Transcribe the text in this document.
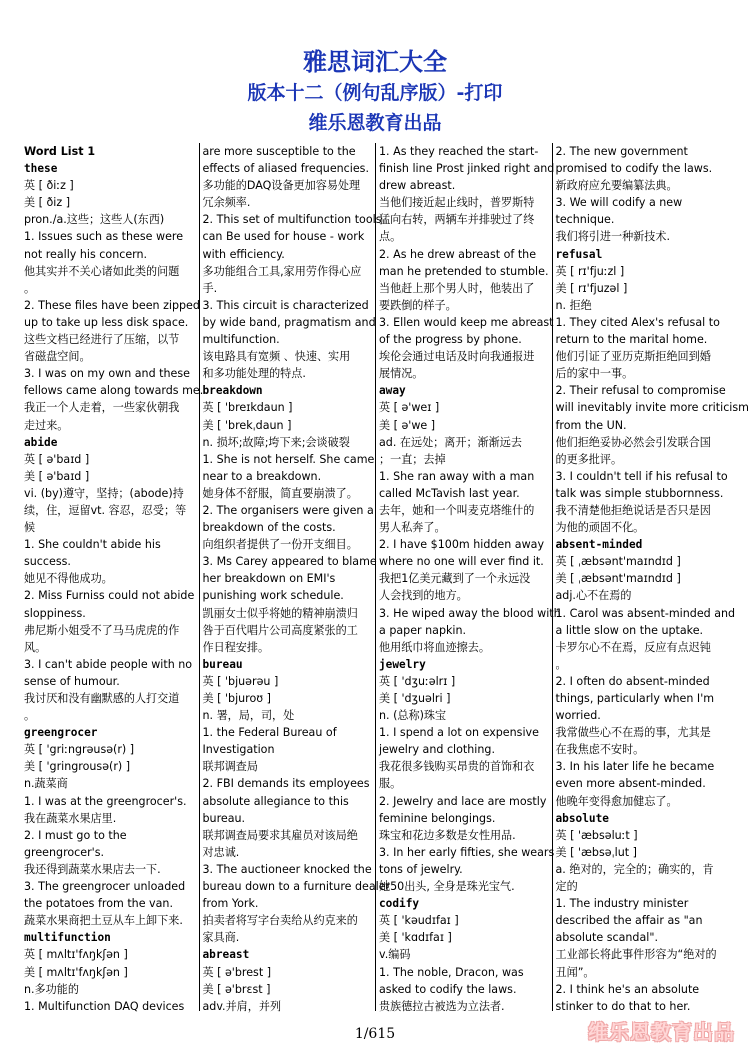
雅思词汇大全
版本十二（例句乱序版）-打印
维乐恩教育出品
Word List 1
these
英 [ ðiːz ]
美 [ ðiz ]
pron./a.这些；这些人(东西)
1. Issues such as these were
not really his concern.
他其实并不关心诸如此类的问题
。
2. These files have been zipped
up to take up less disk space.
这些文档已经进行了压缩，以节
省磁盘空间。
3. I was on my own and these
fellows came along towards me.
我正一个人走着，一些家伙朝我
走过来。
abide
英 [ ə'baɪd ]
美 [ ə'baɪd ]
vi. (by)遵守，坚持；(abode)持
续，住，逗留vt. 容忍，忍受；等
候
1. She couldn't abide his
success.
她见不得他成功。
2. Miss Furniss could not abide
sloppiness.
弗尼斯小姐受不了马马虎虎的作
风。
3. I can't abide people with no
sense of humour.
我讨厌和没有幽默感的人打交道
。
greengrocer
英 [ 'griːngrəusə(r) ]
美 [ 'gringrousə(r) ]
n.蔬菜商
1. I was at the greengrocer's.
我在蔬菜水果店里.
2. I must go to the
greengrocer's.
我还得到蔬菜水果店去一下.
3. The greengrocer unloaded
the potatoes from the van.
蔬菜水果商把土豆从车上卸下来.
multifunction
英 [ mʌltɪ'fʌŋkʃən ]
美 [ mʌltɪ'fʌŋkʃən ]
n.多功能的
1. Multifunction DAQ devices
are more susceptible to the
effects of aliased frequencies.
多功能的DAQ设备更加容易处理
冗余频率.
2. This set of multifunction tools
can Be used for house - work
with efficiency.
多功能组合工具,家用劳作得心应
手.
3. This circuit is characterized
by wide band, pragmatism and
multifunction.
该电路具有宽频 、快速、实用
和多功能处理的特点.
breakdown
英 [ 'breɪkdaun ]
美 [ 'brekˌdaun ]
n. 损坏;故障;垮下来;会谈破裂
1. She is not herself. She came
near to a breakdown.
她身体不舒服，简直要崩溃了。
2. The organisers were given a
breakdown of the costs.
向组织者提供了一份开支细目。
3. Ms Carey appeared to blame
her breakdown on EMI's
punishing work schedule.
凯丽女士似乎将她的精神崩溃归
咎于百代唱片公司高度紧张的工
作日程安排。
bureau
英 [ 'bjuərəu ]
美 [ 'bjuroʊ ]
n. 署，局，司，处
1. the Federal Bureau of
Investigation
联邦调查局
2. FBI demands its employees
absolute allegiance to this
bureau.
联邦调查局要求其雇员对该局绝
对忠诚.
3. The auctioneer knocked the
bureau down to a furniture dealer
from York.
拍卖者将写字台卖给从约克来的
家具商.
abreast
英 [ ə'brest ]
美 [ ə'brɛst ]
adv.并肩，并列
1. As they reached the start-
finish line Prost jinked right and
drew abreast.
当他们接近起止线时，普罗斯特
猛向右转，两辆车并排驶过了终
点。
2. As he drew abreast of the
man he pretended to stumble.
当他赶上那个男人时，他装出了
要跌倒的样子。
3. Ellen would keep me abreast
of the progress by phone.
埃伦会通过电话及时向我通报进
展情况。
away
英 [ ə'weɪ ]
美 [ ə'we ]
ad. 在远处；离开；渐渐远去
；一直；去掉
1. She ran away with a man
called McTavish last year.
去年，她和一个叫麦克塔维什的
男人私奔了。
2. I have $100m hidden away
where no one will ever find it.
我把1亿美元藏到了一个永远没
人会找到的地方。
3. He wiped away the blood with
a paper napkin.
他用纸巾将血迹擦去。
jewelry
英 [ 'dʒuːəlrɪ ]
美 [ 'dʒuəlri ]
n. (总称)珠宝
1. I spend a lot on expensive
jewelry and clothing.
我花很多钱购买昂贵的首饰和衣
服。
2. Jewelry and lace are mostly
feminine belongings.
珠宝和花边多数是女性用品.
3. In her early fifties, she wears
tons of jewelry.
她50出头, 全身是珠光宝气.
codify
英 [ 'kəudɪfaɪ ]
美 [ 'kɑdɪfaɪ ]
v.编码
1. The noble, Dracon, was
asked to codify the laws.
贵族德拉古被选为立法者.
2. The new government
promised to codify the laws.
新政府应允要编纂法典。
3. We will codify a new
technique.
我们将引进一种新技术.
refusal
英 [ rɪ'fjuːzl ]
美 [ rɪ'fjuzəl ]
n. 拒绝
1. They cited Alex's refusal to
return to the marital home.
他们引证了亚历克斯拒绝回到婚
后的家中一事。
2. Their refusal to compromise
will inevitably invite more criticism
from the UN.
他们拒绝妥协必然会引发联合国
的更多批评。
3. I couldn't tell if his refusal to
talk was simple stubbornness.
我不清楚他拒绝说话是否只是因
为他的顽固不化。
absent-minded
英 [ ˌæbsənt'maɪndɪd ]
美 [ ˌæbsənt'maɪndɪd ]
adj.心不在焉的
1. Carol was absent-minded and
a little slow on the uptake.
卡罗尔心不在焉，反应有点迟钝
。
2. I often do absent-minded
things, particularly when I'm
worried.
我常做些心不在焉的事，尤其是
在我焦虑不安时。
3. In his later life he became
even more absent-minded.
他晚年变得愈加健忘了。
absolute
英 [ 'æbsəluːt ]
美 [ 'æbsəˌlut ]
a. 绝对的，完全的；确实的，肯
定的
1. The industry minister
described the affair as "an
absolute scandal".
工业部长将此事件形容为“绝对的
丑闻”。
2. I think he's an absolute
stinker to do that to her.
1/615	维乐恩教育出品
